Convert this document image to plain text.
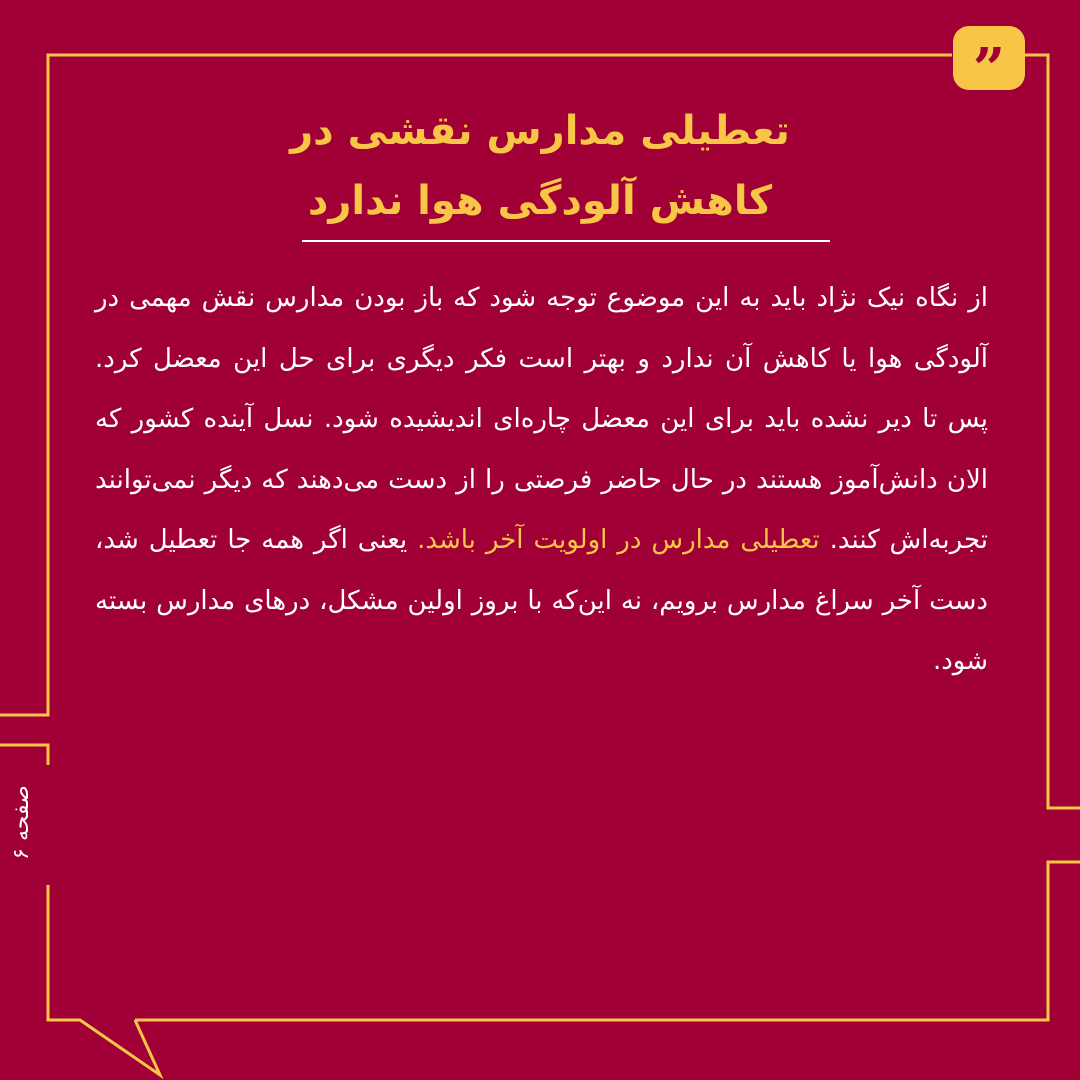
”
تعطیلی مدارس نقشی در کاهش آلودگی هوا ندارد

از نگاه نیک نژاد باید به این موضوع توجه شود که باز بودن مدارس نقش مهمی در آلودگی هوا یا کاهش آن ندارد و بهتر است فکر دیگری برای حل این معضل کرد. پس تا دیر نشده باید برای این معضل چاره‌ای اندیشیده شود. نسل آینده کشور که الان دانش‌آموز هستند در حال حاضر فرصتی را از دست می‌دهند که دیگر نمی‌توانند تجربه‌اش کنند. تعطیلی مدارس در اولویت آخر باشد. یعنی اگر همه جا تعطیل شد، دست آخر سراغ مدارس برویم، نه این‌که با بروز اولین مشکل، درهای مدارس بسته شود.

صفحه ۶
